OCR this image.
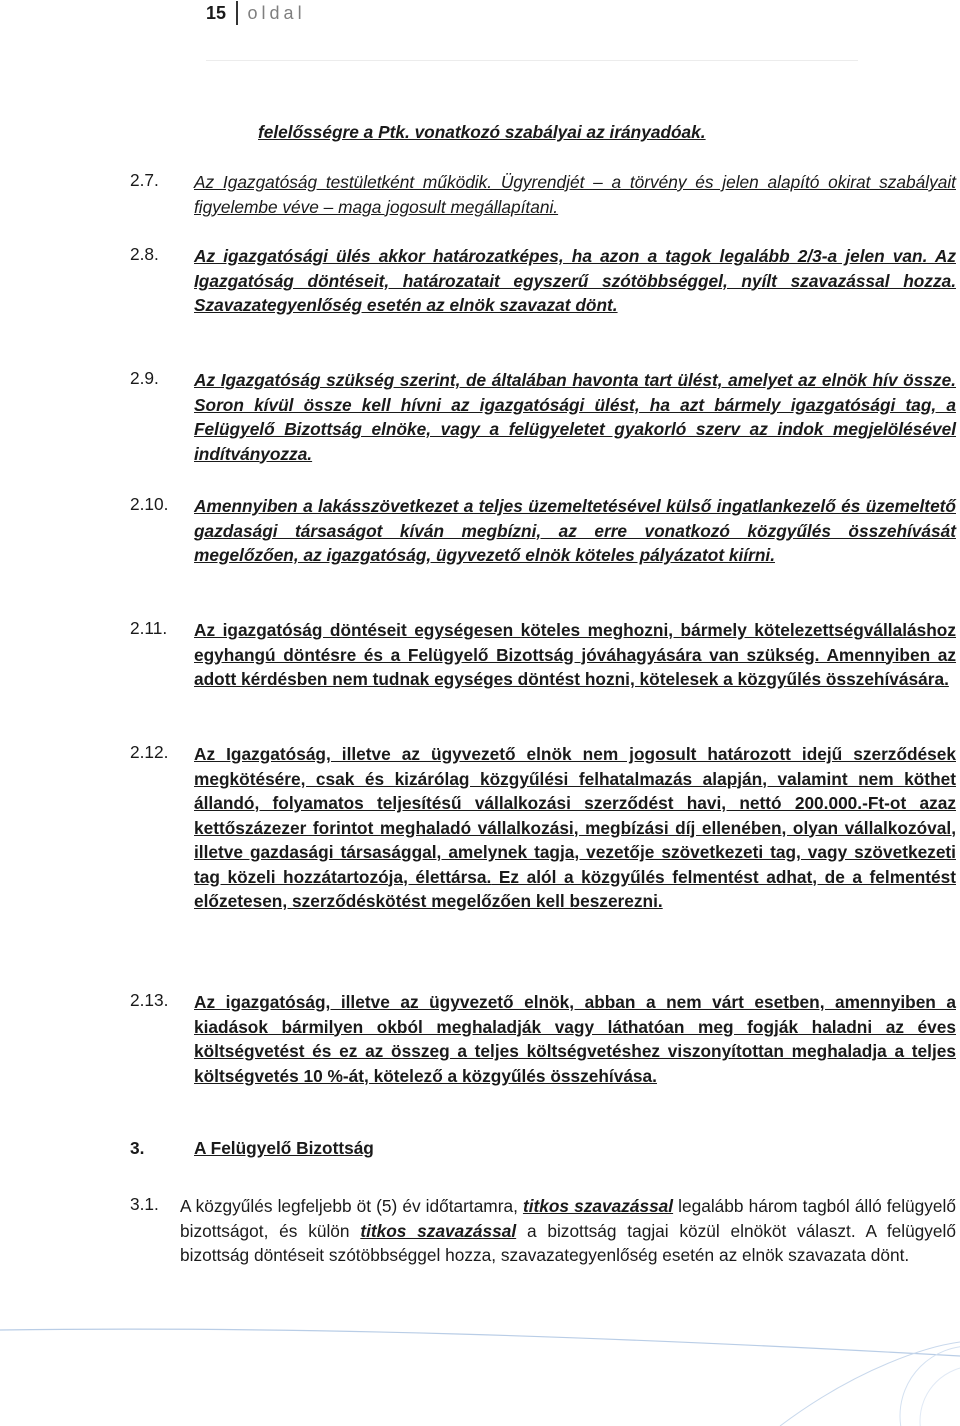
15 oldal
felelősségre a Ptk. vonatkozó szabályai az irányadóak.
2.7. Az Igazgatóság testületként működik. Ügyrendjét – a törvény és jelen alapító okirat szabályait figyelembe véve – maga jogosult megállapítani.
2.8. Az igazgatósági ülés akkor határozatképes, ha azon a tagok legalább 2/3-a jelen van. Az Igazgatóság döntéseit, határozatait egyszerű szótöbbséggel, nyílt szavazással hozza. Szavazategyenlőség esetén az elnök szavazat dönt.
2.9. Az Igazgatóság szükség szerint, de általában havonta tart ülést, amelyet az elnök hív össze. Soron kívül össze kell hívni az igazgatósági ülést, ha azt bármely igazgatósági tag, a Felügyelő Bizottság elnöke, vagy a felügyeletet gyakorló szerv az indok megjelölésével indítványozza.
2.10. Amennyiben a lakásszövetkezet a teljes üzemeltetésével külső ingatlankezelő és üzemeltető gazdasági társaságot kíván megbízni, az erre vonatkozó közgyűlés összehívását megelőzően, az igazgatóság, ügyvezető elnök köteles pályázatot kiírni.
2.11. Az igazgatóság döntéseit egységesen köteles meghozni, bármely kötelezettségvállaláshoz egyhangú döntésre és a Felügyelő Bizottság jóváhagyására van szükség. Amennyiben az adott kérdésben nem tudnak egységes döntést hozni, kötelesek a közgyűlés összehívására.
2.12. Az Igazgatóság, illetve az ügyvezető elnök nem jogosult határozott idejű szerződések megkötésére, csak és kizárólag közgyűlési felhatalmazás alapján, valamint nem köthet állandó, folyamatos teljesítésű vállalkozási szerződést havi, nettó 200.000.-Ft-ot azaz kettőszázezer forintot meghaladó vállalkozási, megbízási díj ellenében, olyan vállalkozóval, illetve gazdasági társasággal, amelynek tagja, vezetője szövetkezeti tag, vagy szövetkezeti tag közeli hozzátartozója, élettársa. Ez alól a közgyűlés felmentést adhat, de a felmentést előzetesen, szerződéskötést megelőzően kell beszerezni.
2.13. Az igazgatóság, illetve az ügyvezető elnök, abban a nem várt esetben, amennyiben a kiadások bármilyen okból meghaladják vagy láthatóan meg fogják haladni az éves költségvetést és ez az összeg a teljes költségvetéshez viszonyítottan meghaladja a teljes költségvetés 10 %-át, kötelező a közgyűlés összehívása.
3.	A Felügyelő Bizottság
3.1. A közgyűlés legfeljebb öt (5) év időtartamra, titkos szavazással legalább három tagból álló felügyelő bizottságot, és külön titkos szavazással a bizottság tagjai közül elnököt választ. A felügyelő bizottság döntéseit szótöbbséggel hozza, szavazategyenlőség esetén az elnök szavazata dönt.
